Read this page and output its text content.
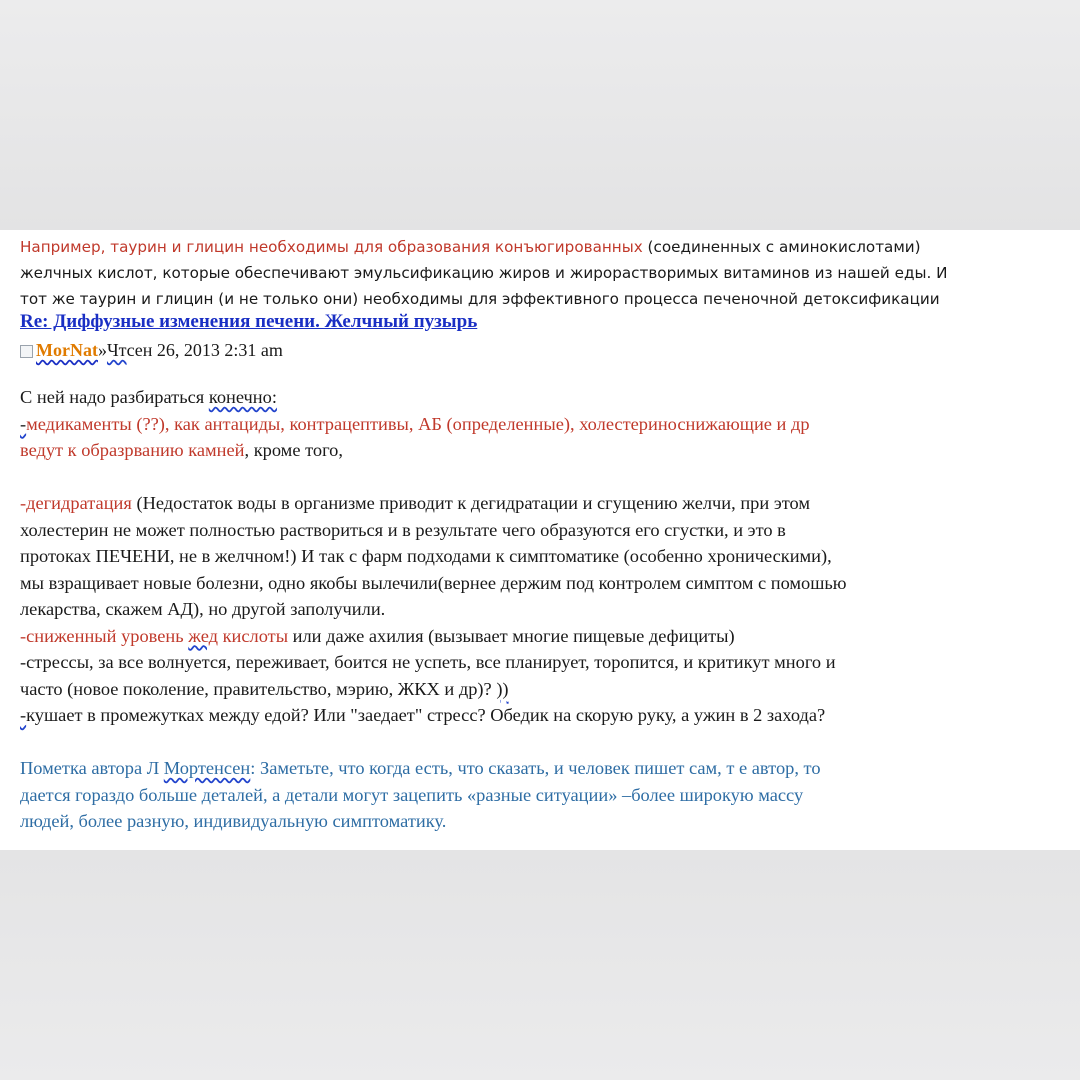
Например, таурин и глицин необходимы для образования конъюгированных (соединенных с аминокислотами)
желчных кислот, которые обеспечивают эмульсификацию жиров и жирорастворимых витаминов из нашей еды. И
тот же таурин и глицин (и не только они) необходимы для эффективного процесса печеночной детоксификации
Re: Диффузные изменения печени. Желчный пузырь
MorNat » Чт сен 26, 2013 2:31 am

С ней надо разбираться конечно:

-медикаменты (??), как антациды, контрацептивы, АБ (определенные), холестериноснижающие и др

ведут к образрванию камней, кроме того,

-дегидратация (Недостаток воды в организме приводит к дегидратации и сгущению желчи, при этом

холестерин не может полностью раствориться и в результате чего образуются его сгустки, и это в

протоках ПЕЧЕНИ, не в желчном!) И так с фарм подходами к симптоматике (особенно хроническими),

мы взращивает новые болезни, одно якобы вылечили(вернее держим под контролем симптом с помошью

лекарства, скажем АД), но другой заполучили.

-сниженный уровень жед кислоты или даже ахилия (вызывает многие пищевые дефициты)

-стрессы, за все волнуется, переживает, боится не успеть, все планирует, торопится, и критикут много и

часто (новое поколение, правительство, мэрию, ЖКХ и др)? ))

-кушает в промежутках между едой? Или "заедает" стресс? Обедик на скорую руку, а ужин в 2 захода?

Пометка автора Л Мортенсен: Заметьте, что когда есть, что сказать, и человек пишет сам, т е автор, то

дается гораздо больше деталей, а детали могут зацепить «разные ситуации» –более широкую массу

людей, более разную, индивидуальную симптоматику.
